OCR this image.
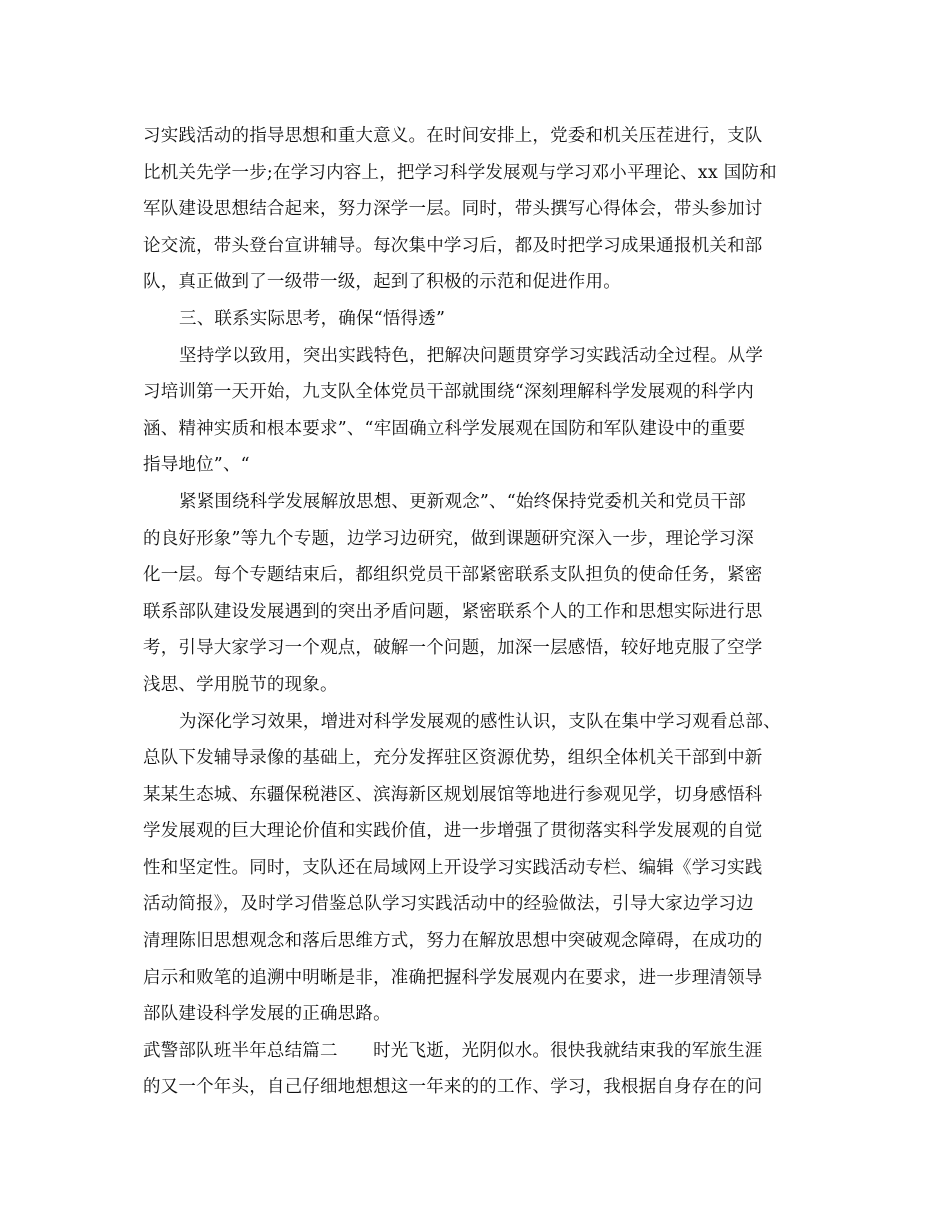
习实践活动的指导思想和重大意义。在时间安排上，党委和机关压茬进行，支队
比机关先学一步;在学习内容上，把学习科学发展观与学习邓小平理论、xx 国防和
军队建设思想结合起来，努力深学一层。同时，带头撰写心得体会，带头参加讨
论交流，带头登台宣讲辅导。每次集中学习后，都及时把学习成果通报机关和部
队，真正做到了一级带一级，起到了积极的示范和促进作用。
三、联系实际思考，确保“悟得透”
坚持学以致用，突出实践特色，把解决问题贯穿学习实践活动全过程。从学
习培训第一天开始，九支队全体党员干部就围绕“深刻理解科学发展观的科学内
涵、精神实质和根本要求”、“牢固确立科学发展观在国防和军队建设中的重要
指导地位”、“
紧紧围绕科学发展解放思想、更新观念”、“始终保持党委机关和党员干部
的良好形象”等九个专题，边学习边研究，做到课题研究深入一步，理论学习深
化一层。每个专题结束后，都组织党员干部紧密联系支队担负的使命任务，紧密
联系部队建设发展遇到的突出矛盾问题，紧密联系个人的工作和思想实际进行思
考，引导大家学习一个观点，破解一个问题，加深一层感悟，较好地克服了空学
浅思、学用脱节的现象。
为深化学习效果，增进对科学发展观的感性认识，支队在集中学习观看总部、
总队下发辅导录像的基础上，充分发挥驻区资源优势，组织全体机关干部到中新
某某生态城、东疆保税港区、滨海新区规划展馆等地进行参观见学，切身感悟科
学发展观的巨大理论价值和实践价值，进一步增强了贯彻落实科学发展观的自觉
性和坚定性。同时，支队还在局域网上开设学习实践活动专栏、编辑《学习实践
活动简报》，及时学习借鉴总队学习实践活动中的经验做法，引导大家边学习边
清理陈旧思想观念和落后思维方式，努力在解放思想中突破观念障碍，在成功的
启示和败笔的追溯中明晰是非，准确把握科学发展观内在要求，进一步理清领导
部队建设科学发展的正确思路。
武警部队班半年总结篇二　　时光飞逝，光阴似水。很快我就结束我的军旅生涯
的又一个年头，自己仔细地想想这一年来的的工作、学习，我根据自身存在的问
